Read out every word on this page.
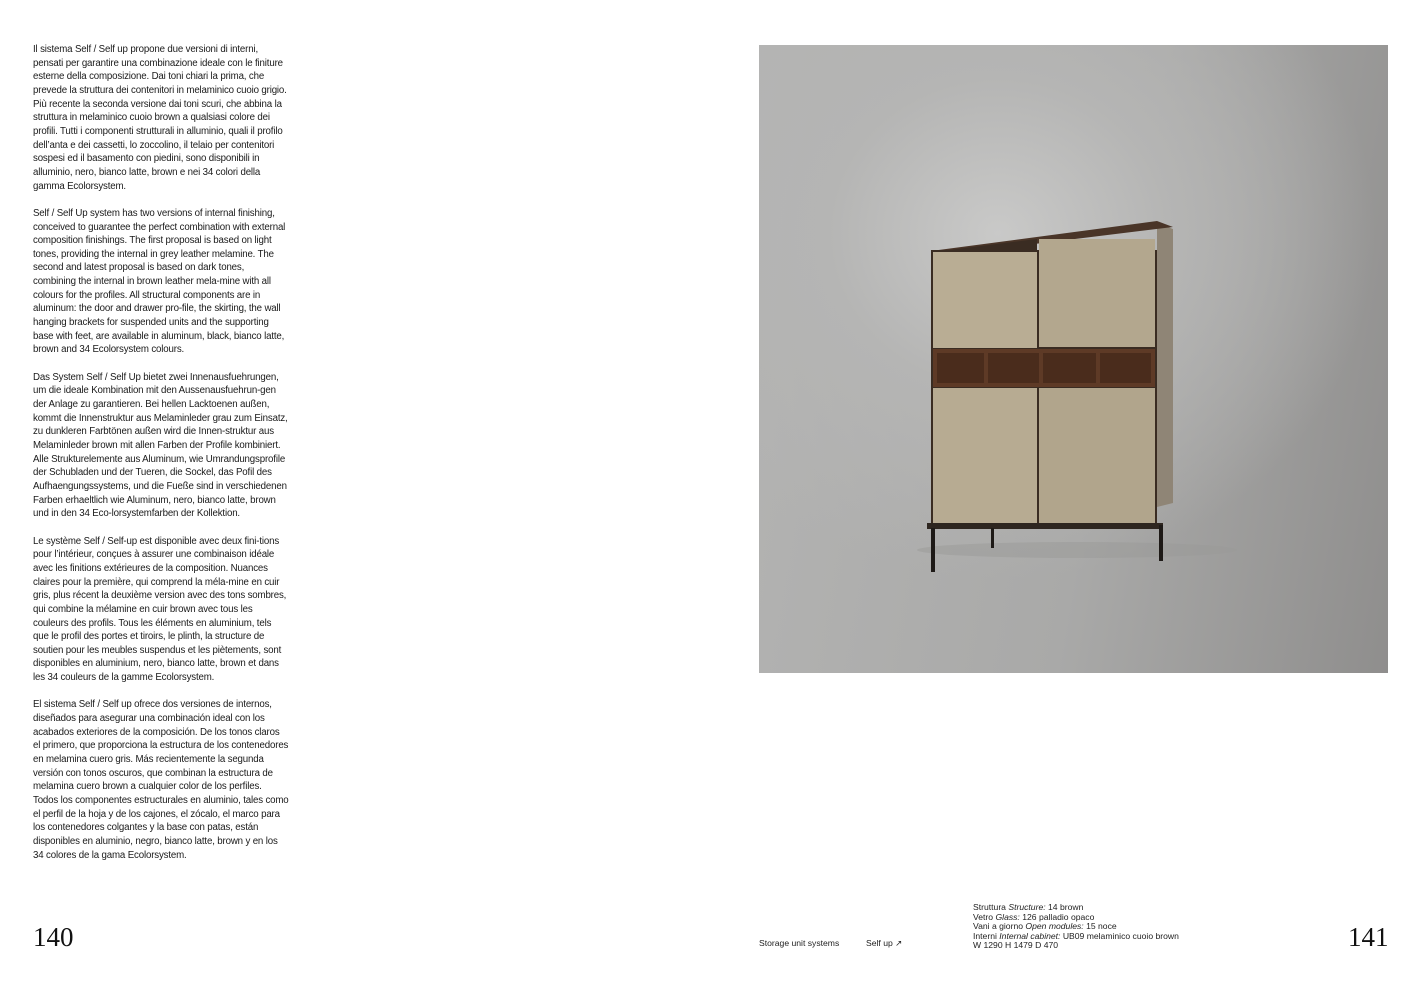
Il sistema Self / Self up propone due versioni di interni, pensati per garantire una combinazione ideale con le finiture esterne della composizione. Dai toni chiari la prima, che prevede la struttura dei contenitori in melaminico cuoio grigio. Più recente la seconda versione dai toni scuri, che abbina la struttura in melaminico cuoio brown a qualsiasi colore dei profili. Tutti i componenti strutturali in alluminio, quali il profilo dell’anta e dei cassetti, lo zoccolino, il telaio per contenitori sospesi ed il basamento con piedini, sono disponibili in alluminio, nero, bianco latte, brown e nei 34 colori della gamma Ecolorsystem.

Self / Self Up system has two versions of internal finishing, conceived to guarantee the perfect combination with external composition finishings. The first proposal is based on light tones, providing the internal in grey leather melamine. The second and latest proposal is based on dark tones, combining the internal in brown leather mela-mine with all colours for the profiles. All structural components are in aluminum: the door and drawer pro-file, the skirting, the wall hanging brackets for suspended units and the supporting base with feet, are available in aluminum, black, bianco latte, brown and 34 Ecolorsystem colours.

Das System Self / Self Up bietet zwei Innenausfuehrungen, um die ideale Kombination mit den Aussenausfuehrun-gen der Anlage zu garantieren. Bei hellen Lacktoenen außen, kommt die Innenstruktur aus Melaminleder grau zum Einsatz, zu dunkleren Farbtönen außen wird die Innen-struktur aus Melaminleder brown mit allen Farben der Profile kombiniert. Alle Strukturelemente aus Aluminum, wie Umrandungsprofile der Schubladen und der Tueren, die Sockel, das Pofil des Aufhaengungssystems, und die Fueße sind in verschiedenen Farben erhaeltlich wie Aluminum, nero, bianco latte, brown und in den 34 Eco-lorsystemfarben der Kollektion.

Le système Self / Self-up est disponible avec deux fini-tions pour l’intérieur, conçues à assurer une combinaison idéale avec les finitions extérieures de la composition. Nuances claires pour la première, qui comprend la méla-mine en cuir gris, plus récent la deuxième version avec des tons sombres, qui combine la mélamine en cuir brown avec tous les couleurs des profils. Tous les éléments en aluminium, tels que le profil des portes et tiroirs, le plinth, la structure de soutien pour les meubles suspendus et les piètements, sont disponibles en aluminium, nero, bianco latte, brown et dans les 34 couleurs de la gamme Ecolorsystem.

El sistema Self / Self up ofrece dos versiones de internos, diseñados para asegurar una combinación ideal con los acabados exteriores de la composición. De los tonos claros el primero, que proporciona la estructura de los contenedores en melamina cuero gris. Más recientemente la segunda versión con tonos oscuros, que combinan la estructura de melamina cuero brown a cualquier color de los perfiles. Todos los componentes estructurales en aluminio, tales como el perfil de la hoja y de los cajones, el zócalo, el marco para los contenedores colgantes y la base con patas, están disponibles en aluminio, negro, bianco latte, brown y en los 34 colores de la gama Ecolorsystem.

140	141
Storage unit systems	Self up ↗
Struttura Structure: 14 brown
Vetro Glass: 126 palladio opaco
Vani a giorno Open modules: 15 noce
Interni Internal cabinet: UB09 melaminico cuoio brown
W 1290 H 1479 D 470
